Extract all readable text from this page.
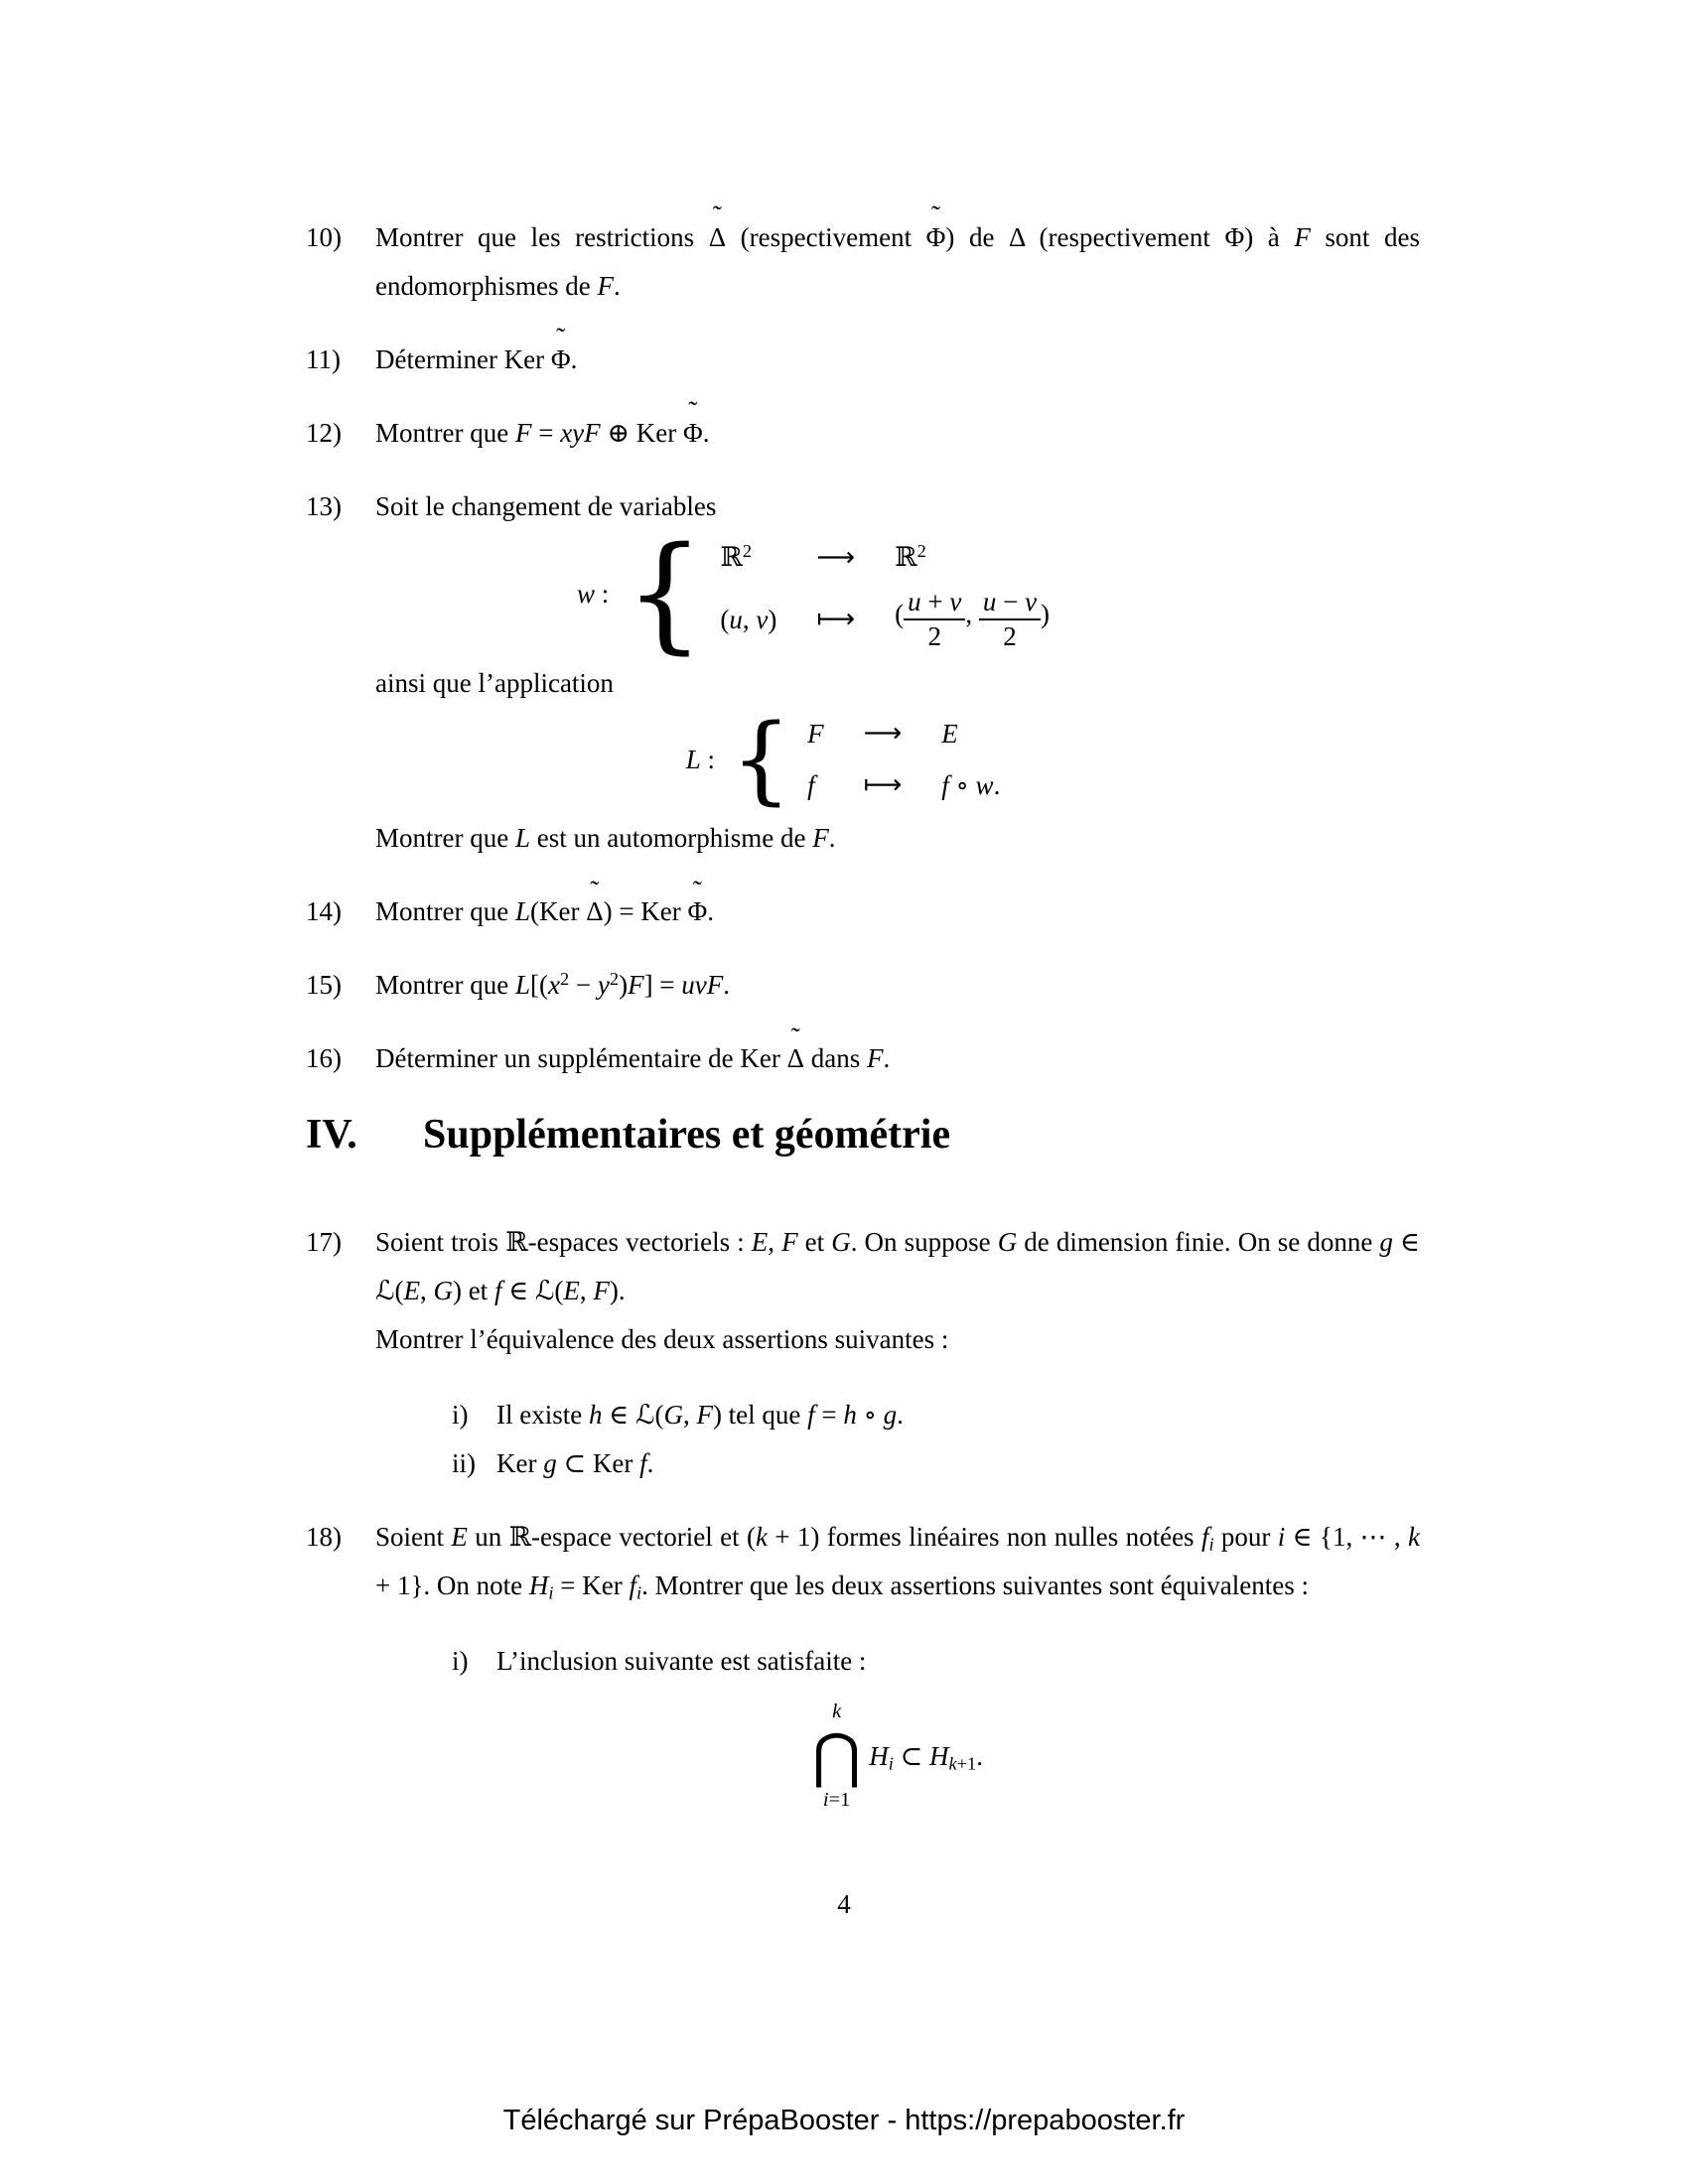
10)	Montrer que les restrictions
˜
Δ (respectivement
˜
Φ) de Δ (respectivement Φ) à F sont des endomorphismes de F.
11)	Déterminer Ker
˜
Φ.
12)	Montrer que F = xyF ⊕ Ker
˜
Φ.
13)	Soit le changement de variables
w : { ℝ$^2$ ⟶ ℝ$^2$
(u, v) ⟼ ( $\frac{u + v}{2}$ , $\frac{u - v}{2}$ )
ainsi que l’application
L : { F ⟶ E
f ⟼ f ∘ w.
Montrer que L est un automorphisme de F.
14)	Montrer que L(Ker
˜
Δ) = Ker
˜
Φ.
15)	Montrer que $L[(x^2 - y^2)F]$ = uvF.
16)	Déterminer un supplémentaire de Ker
˜
Δ dans F.
IV.	Supplémentaires et géométrie
17)	Soient trois ℝ-espaces vectoriels : E, F et G. On suppose G de dimension finie. On se donne g ∈ ℒ(E, G) et f ∈ ℒ(E, F).
Montrer l’équivalence des deux assertions suivantes :
i)	Il existe h ∈ ℒ(G, F) tel que f = h ∘ g.
ii) Ker g ⊂ Ker f.
18)	Soient E un ℝ-espace vectoriel et (k + 1) formes linéaires non nulles notées $f_i$ pour i ∈ {1, ⋯ , k + 1}. On note $H_i$ = Ker $f_i$. Montrer que les deux assertions suivantes sont équivalentes :
i)	L’inclusion suivante est satisfaite :
k
⋂
i=1
$H_i$ ⊂ $H_{k+1}$.
4
Téléchargé sur PrépaBooster - https://prepabooster.fr
